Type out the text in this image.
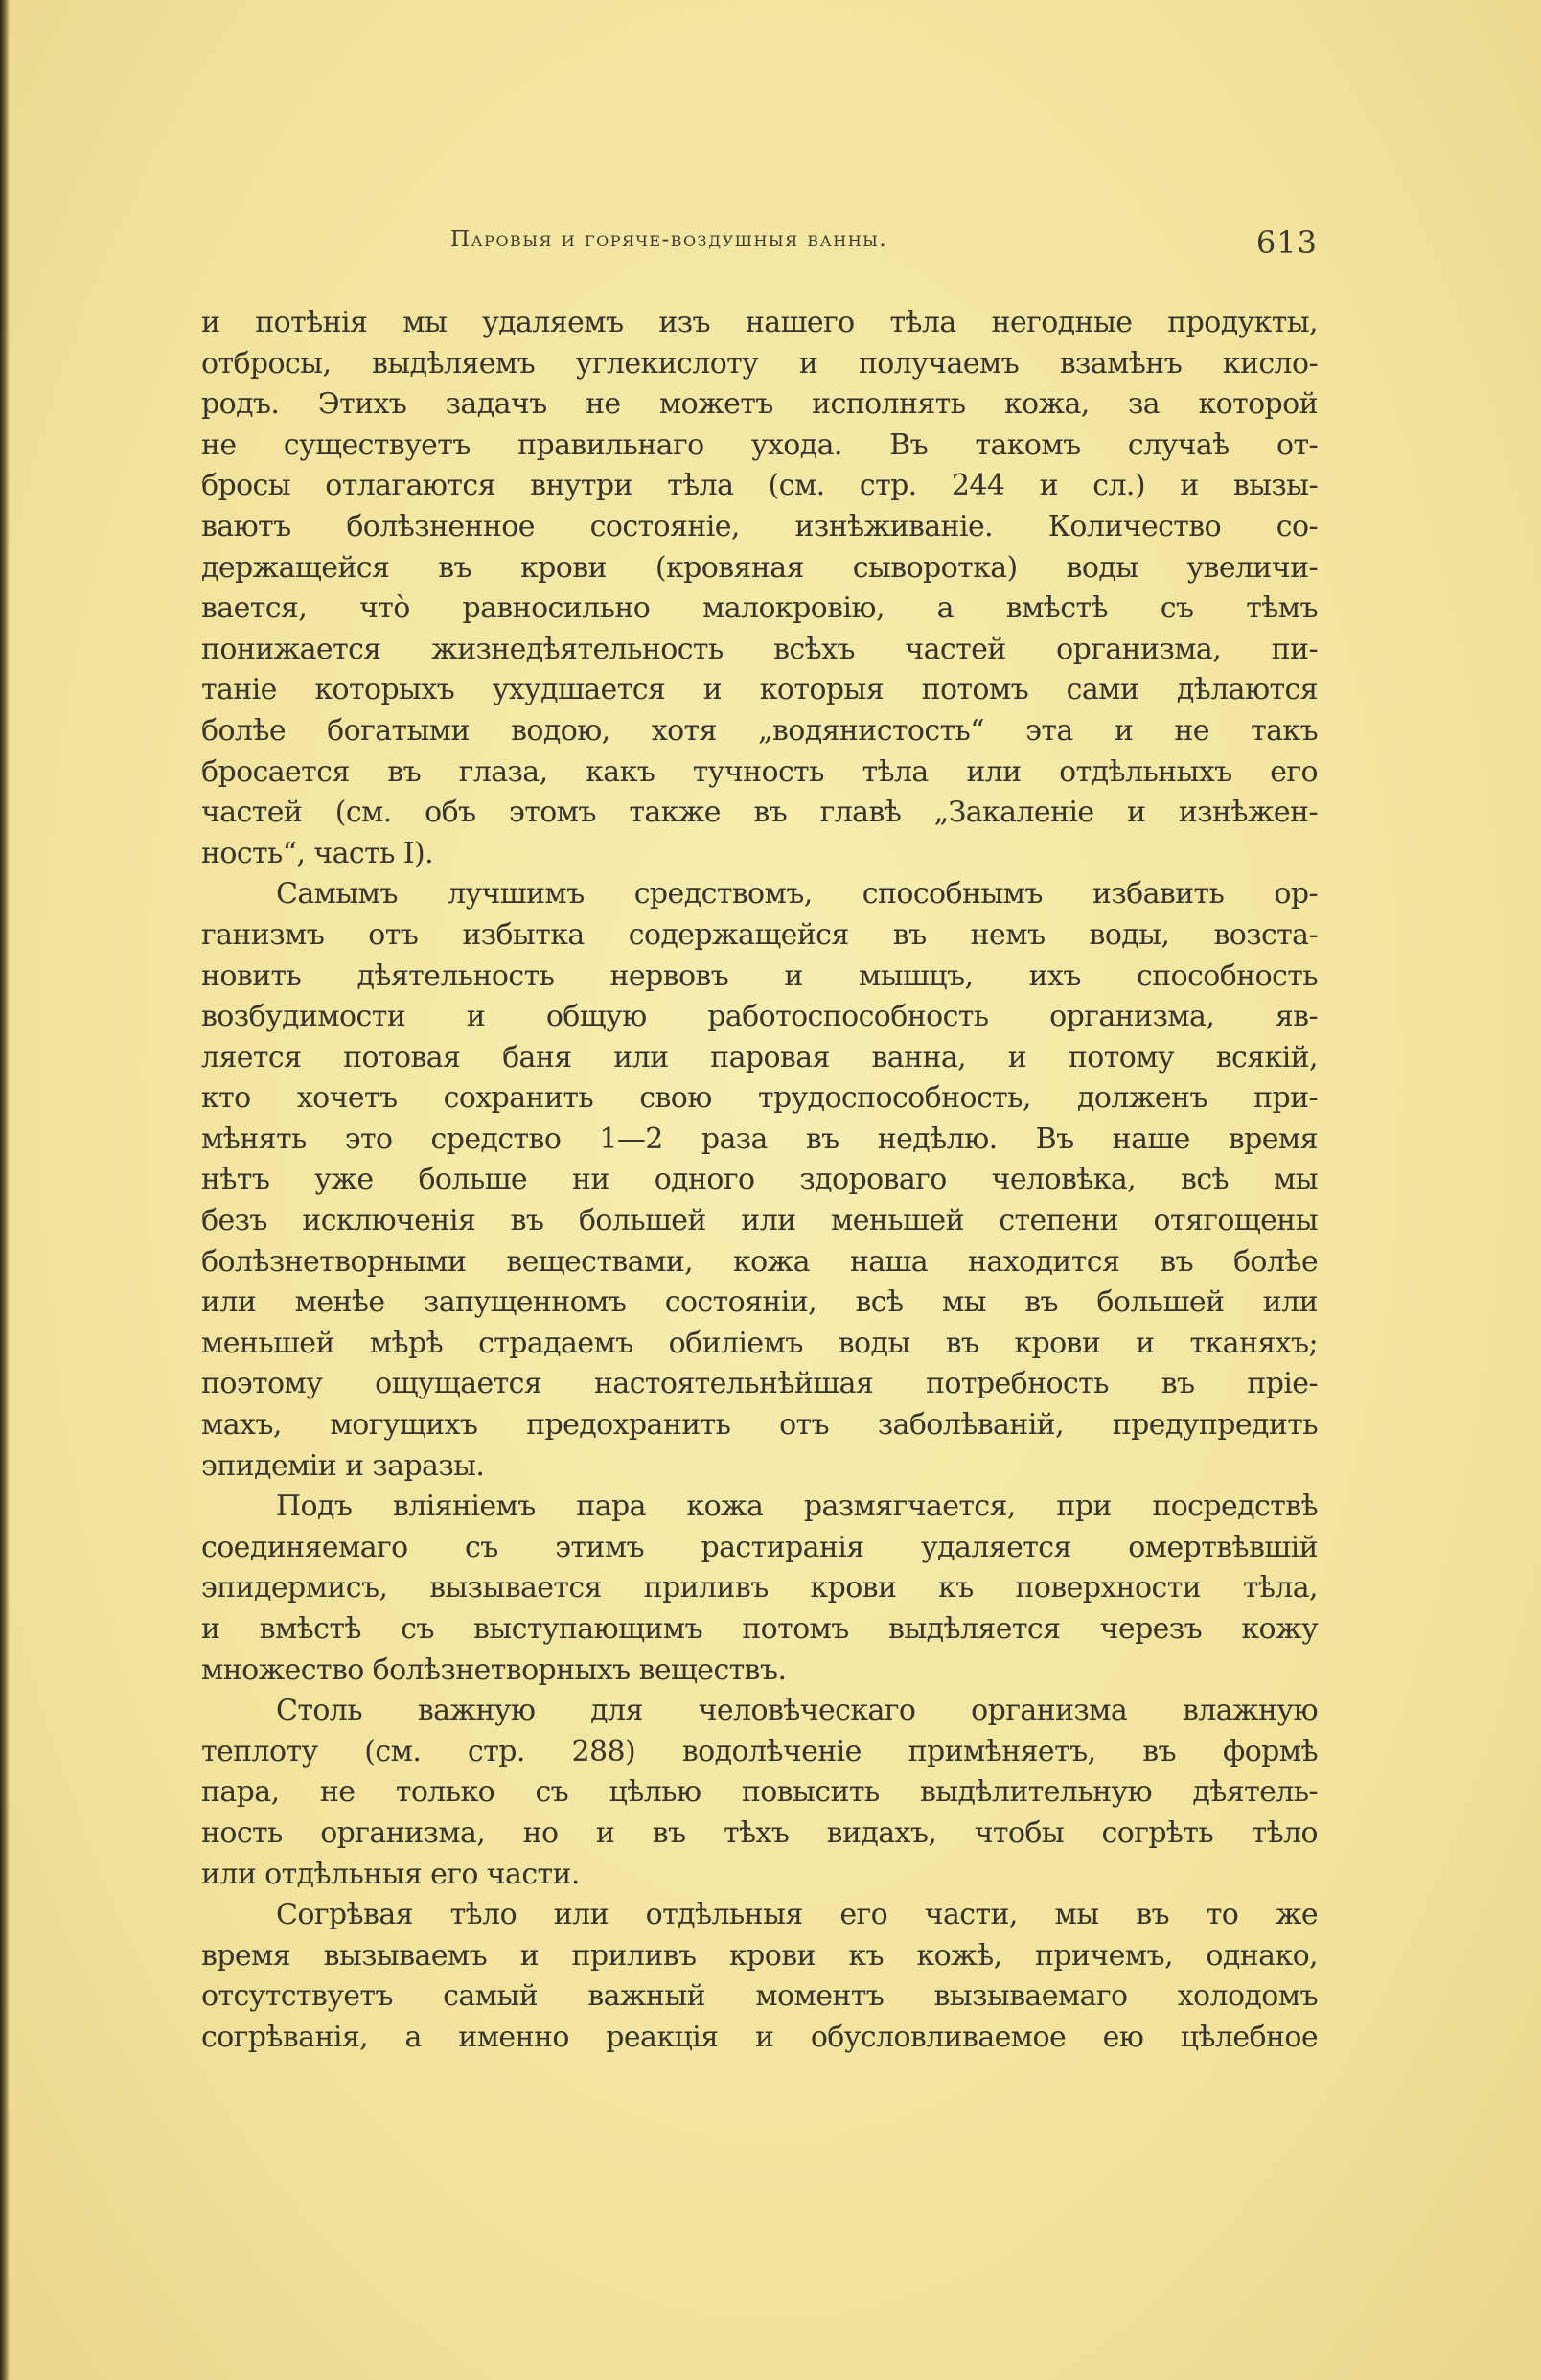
Паровыя и горяче-воздушныя ванны.	613
и потѣнія мы удаляемъ изъ нашего тѣла негодные продукты,
отбросы, выдѣляемъ углекислоту и получаемъ взамѣнъ кисло-
родъ. Этихъ задачъ не можетъ исполнять кожа, за которой
не существуетъ правильнаго ухода. Въ такомъ случаѣ от-
бросы отлагаются внутри тѣла (см. стр. 244 и сл.) и вызы-
ваютъ болѣзненное состояніе, изнѣживаніе. Количество со-
держащейся въ крови (кровяная сыворотка) воды увеличи-
вается, что̀ равносильно малокровію, а вмѣстѣ съ тѣмъ
понижается жизнедѣятельность всѣхъ частей организма, пи-
таніе которыхъ ухудшается и которыя потомъ сами дѣлаются
болѣе богатыми водою, хотя „водянистость“ эта и не такъ
бросается въ глаза, какъ тучность тѣла или отдѣльныхъ его
частей (см. объ этомъ также въ главѣ „Закаленіе и изнѣжен-
ность“, часть I).
Самымъ лучшимъ средствомъ, способнымъ избавить ор-
ганизмъ отъ избытка содержащейся въ немъ воды, возста-
новить дѣятельность нервовъ и мышцъ, ихъ способность
возбудимости и общую работоспособность организма, яв-
ляется потовая баня или паровая ванна, и потому всякій,
кто хочетъ сохранить свою трудоспособность, долженъ при-
мѣнять это средство 1—2 раза въ недѣлю. Въ наше время
нѣтъ уже больше ни одного здороваго человѣка, всѣ мы
безъ исключенія въ большей или меньшей степени отягощены
болѣзнетворными веществами, кожа наша находится въ болѣе
или менѣе запущенномъ состояніи, всѣ мы въ большей или
меньшей мѣрѣ страдаемъ обиліемъ воды въ крови и тканяхъ;
поэтому ощущается настоятельнѣйшая потребность въ пріе-
махъ, могущихъ предохранить отъ заболѣваній, предупредить
эпидеміи и заразы.
Подъ вліяніемъ пара кожа размягчается, при посредствѣ
соединяемаго съ этимъ растиранія удаляется омертвѣвшій
эпидермисъ, вызывается приливъ крови къ поверхности тѣла,
и вмѣстѣ съ выступающимъ потомъ выдѣляется черезъ кожу
множество болѣзнетворныхъ веществъ.
Столь важную для человѣческаго организма влажную
теплоту (см. стр. 288) водолѣченіе примѣняетъ, въ формѣ
пара, не только съ цѣлью повысить выдѣлительную дѣятель-
ность организма, но и въ тѣхъ видахъ, чтобы согрѣть тѣло
или отдѣльныя его части.
Согрѣвая тѣло или отдѣльныя его части, мы въ то же
время вызываемъ и приливъ крови къ кожѣ, причемъ, однако,
отсутствуетъ самый важный моментъ вызываемаго холодомъ
согрѣванія, а именно реакція и обусловливаемое ею цѣлебное
